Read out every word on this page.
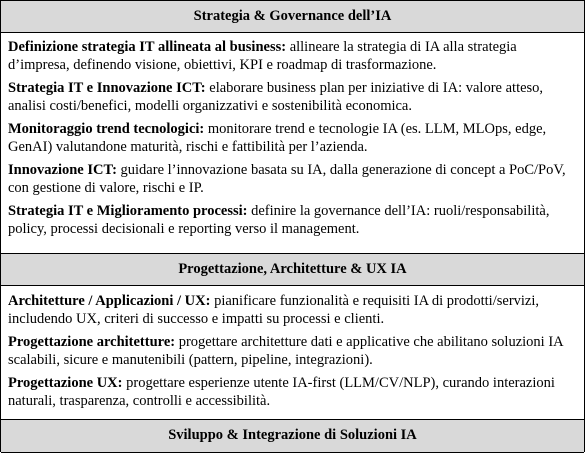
Strategia & Governance dell’IA

Definizione strategia IT allineata al business: allineare la strategia di IA alla strategia d’impresa, definendo visione, obiettivi, KPI e roadmap di trasformazione.

Strategia IT e Innovazione ICT: elaborare business plan per iniziative di IA: valore atteso, analisi costi/benefici, modelli organizzativi e sostenibilità economica.

Monitoraggio trend tecnologici: monitorare trend e tecnologie IA (es. LLM, MLOps, edge, GenAI) valutandone maturità, rischi e fattibilità per l’azienda.

Innovazione ICT: guidare l’innovazione basata su IA, dalla generazione di concept a PoC/PoV, con gestione di valore, rischi e IP.

Strategia IT e Miglioramento processi: definire la governance dell’IA: ruoli/responsabilità, policy, processi decisionali e reporting verso il management.

Progettazione, Architetture & UX IA

Architetture / Applicazioni / UX: pianificare funzionalità e requisiti IA di prodotti/servizi, includendo UX, criteri di successo e impatti su processi e clienti.

Progettazione architetture: progettare architetture dati e applicative che abilitano soluzioni IA scalabili, sicure e manutenibili (pattern, pipeline, integrazioni).

Progettazione UX: progettare esperienze utente IA-first (LLM/CV/NLP), curando interazioni naturali, trasparenza, controlli e accessibilità.

Sviluppo & Integrazione di Soluzioni IA
